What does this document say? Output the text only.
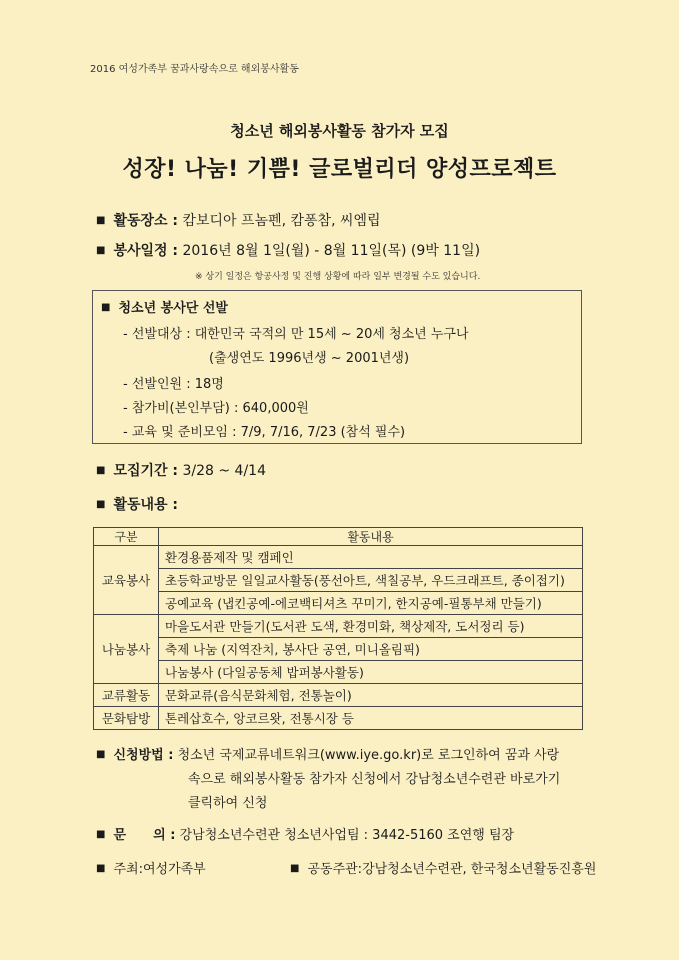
2016 여성가족부 꿈과사랑속으로 해외봉사활동
청소년 해외봉사활동 참가자 모집
성장! 나눔! 기쁨! 글로벌리더 양성프로젝트
■ 활동장소 : 캄보디아 프놈펜, 캄퐁참, 씨엠립
■ 봉사일정 : 2016년 8월 1일(월) - 8월 11일(목) (9박 11일)
※ 상기 일정은 항공사정 및 진행 상황에 따라 일부 변경될 수도 있습니다.
■ 청소년 봉사단 선발
- 선발대상 : 대한민국 국적의 만 15세 ~ 20세 청소년 누구나
(출생연도 1996년생 ~ 2001년생)
- 선발인원 : 18명
- 참가비(본인부담) : 640,000원
- 교육 및 준비모임 : 7/9, 7/16, 7/23 (참석 필수)
■ 모집기간 : 3/28 ~ 4/14
■ 활동내용 :
구분	활동내용
교육봉사	환경용품제작 및 캠페인
	초등학교방문 일일교사활동(풍선아트, 색칠공부, 우드크래프트, 종이접기)
	공예교육 (냅킨공예-에코백티셔츠 꾸미기, 한지공예-필통부채 만들기)
나눔봉사	마을도서관 만들기(도서관 도색, 환경미화, 책상제작, 도서정리 등)
	축제 나눔 (지역잔치, 봉사단 공연, 미니올림픽)
	나눔봉사 (다일공동체 밥퍼봉사활동)
교류활동	문화교류(음식문화체험, 전통놀이)
문화탐방	톤레삽호수, 앙코르왓, 전통시장 등
■ 신청방법 : 청소년 국제교류네트워크(www.iye.go.kr)로 로그인하여 꿈과 사랑
속으로 해외봉사활동 참가자 신청에서 강남청소년수련관 바로가기
클릭하여 신청
■ 문      의 : 강남청소년수련관 청소년사업팀 : 3442-5160 조연행 팀장
■ 주최:여성가족부	■ 공동주관:강남청소년수련관, 한국청소년활동진흥원
